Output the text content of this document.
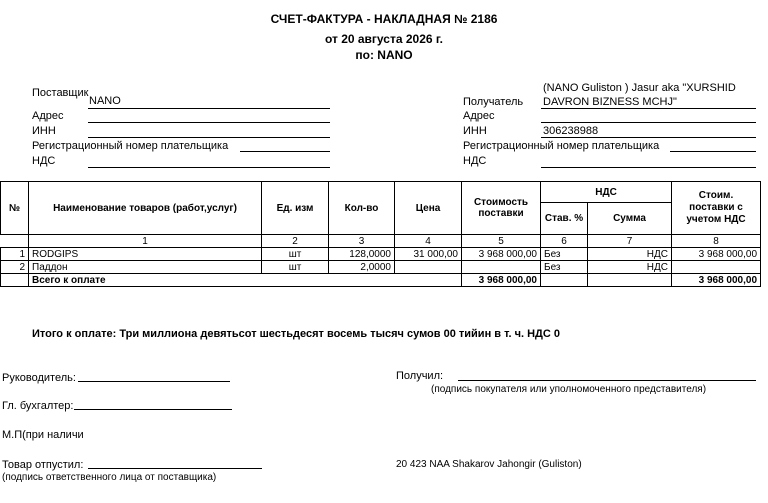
СЧЕТ-ФАКТУРА - НАКЛАДНАЯ № 2186
от 20 августа 2026 г.
по: NANO
Поставщик
NANO
Адрес
ИНН
Регистрационный номер плательщика
НДС
(NANO Guliston ) Jasur aka "XURSHID
Получатель DAVRON BIZNESS MCHJ"
Адрес
ИНН	306238988
Регистрационный номер плательщика
НДС
№	Наименование товаров (работ,услуг)	Ед. изм	Кол-во	Цена	Стоимость поставки	НДС		Стоим. поставки с учетом НДС
						Став. %	Сумма	
	1	2	3	4	5	6	7	8
1	RODGIPS	шт	128,0000	31 000,00	3 968 000,00	Без	НДС	3 968 000,00
2	Паддон	шт	2,0000			Без	НДС	
	Всего к оплате				3 968 000,00			3 968 000,00
Итого к оплате: Три миллиона девятьсот шестьдесят восемь тысяч сумов 00 тийин в т. ч. НДС 0
Руководитель:
Гл. бухгалтер:
М.П(при наличи
Товар отпустил:
(подпись ответственного лица от поставщика)
Получил:
(подпись покупателя или уполномоченного представителя)
20 423 NAA Shakarov Jahongir (Guliston)
